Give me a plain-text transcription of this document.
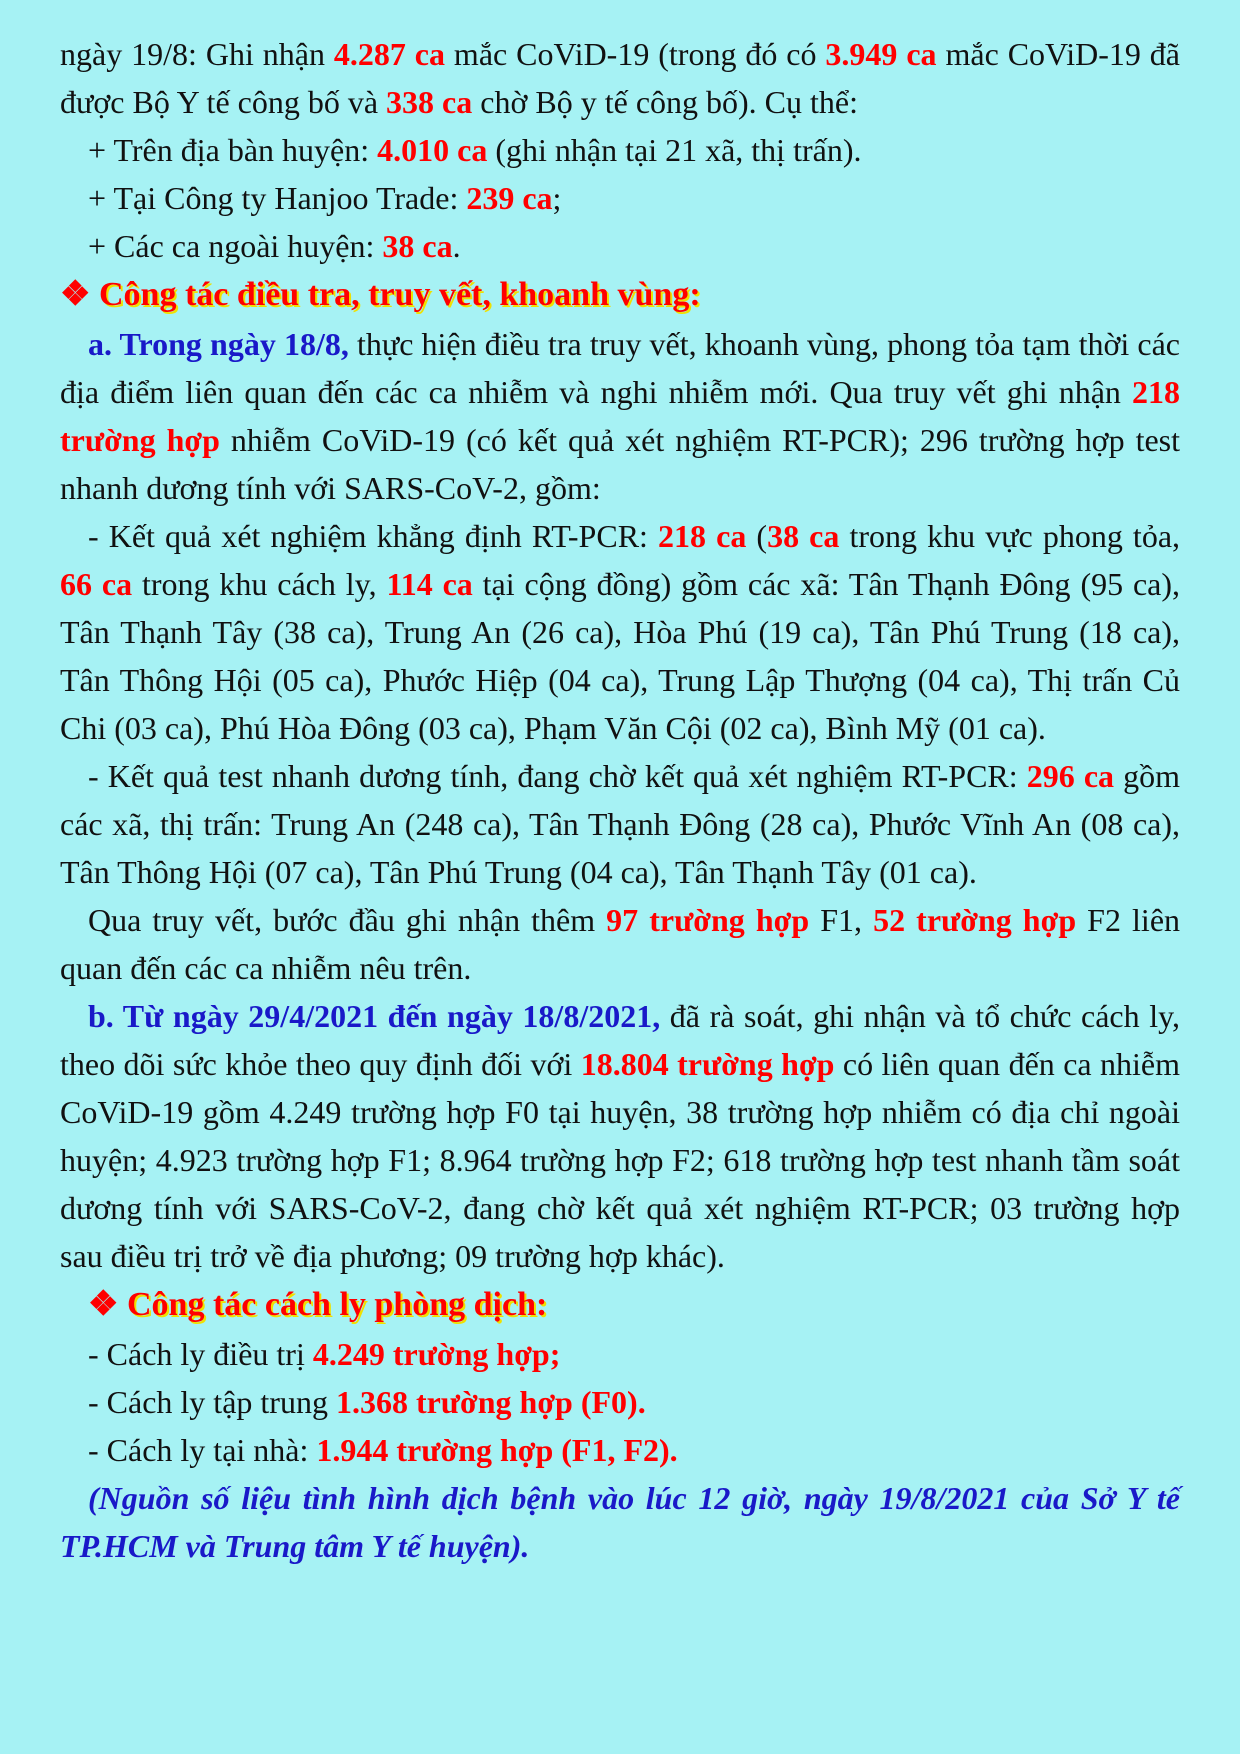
ngày 19/8: Ghi nhận 4.287 ca mắc CoViD-19 (trong đó có 3.949 ca mắc CoViD-19 đã được Bộ Y tế công bố và 338 ca chờ Bộ y tế công bố). Cụ thể:

+ Trên địa bàn huyện: 4.010 ca (ghi nhận tại 21 xã, thị trấn).

+ Tại Công ty Hanjoo Trade: 239 ca;

+ Các ca ngoài huyện: 38 ca.

❖ Công tác điều tra, truy vết, khoanh vùng:

a. Trong ngày 18/8, thực hiện điều tra truy vết, khoanh vùng, phong tỏa tạm thời các địa điểm liên quan đến các ca nhiễm và nghi nhiễm mới. Qua truy vết ghi nhận 218 trường hợp nhiễm CoViD-19 (có kết quả xét nghiệm RT-PCR); 296 trường hợp test nhanh dương tính với SARS-CoV-2, gồm:

- Kết quả xét nghiệm khẳng định RT-PCR: 218 ca (38 ca trong khu vực phong tỏa, 66 ca trong khu cách ly, 114 ca tại cộng đồng) gồm các xã: Tân Thạnh Đông (95 ca), Tân Thạnh Tây (38 ca), Trung An (26 ca), Hòa Phú (19 ca), Tân Phú Trung (18 ca), Tân Thông Hội (05 ca), Phước Hiệp (04 ca), Trung Lập Thượng (04 ca), Thị trấn Củ Chi (03 ca), Phú Hòa Đông (03 ca), Phạm Văn Cội (02 ca), Bình Mỹ (01 ca).

- Kết quả test nhanh dương tính, đang chờ kết quả xét nghiệm RT-PCR: 296 ca gồm các xã, thị trấn: Trung An (248 ca), Tân Thạnh Đông (28 ca), Phước Vĩnh An (08 ca), Tân Thông Hội (07 ca), Tân Phú Trung (04 ca), Tân Thạnh Tây (01 ca).

Qua truy vết, bước đầu ghi nhận thêm 97 trường hợp F1, 52 trường hợp F2 liên quan đến các ca nhiễm nêu trên.

b. Từ ngày 29/4/2021 đến ngày 18/8/2021, đã rà soát, ghi nhận và tổ chức cách ly, theo dõi sức khỏe theo quy định đối với 18.804 trường hợp có liên quan đến ca nhiễm CoViD-19 gồm 4.249 trường hợp F0 tại huyện, 38 trường hợp nhiễm có địa chỉ ngoài huyện; 4.923 trường hợp F1; 8.964 trường hợp F2; 618 trường hợp test nhanh tầm soát dương tính với SARS-CoV-2, đang chờ kết quả xét nghiệm RT-PCR; 03 trường hợp sau điều trị trở về địa phương; 09 trường hợp khác).

❖ Công tác cách ly phòng dịch:

- Cách ly điều trị 4.249 trường hợp;

- Cách ly tập trung 1.368 trường hợp (F0).

- Cách ly tại nhà: 1.944 trường hợp (F1, F2).

(Nguồn số liệu tình hình dịch bệnh vào lúc 12 giờ, ngày 19/8/2021 của Sở Y tế TP.HCM và Trung tâm Y tế huyện).
